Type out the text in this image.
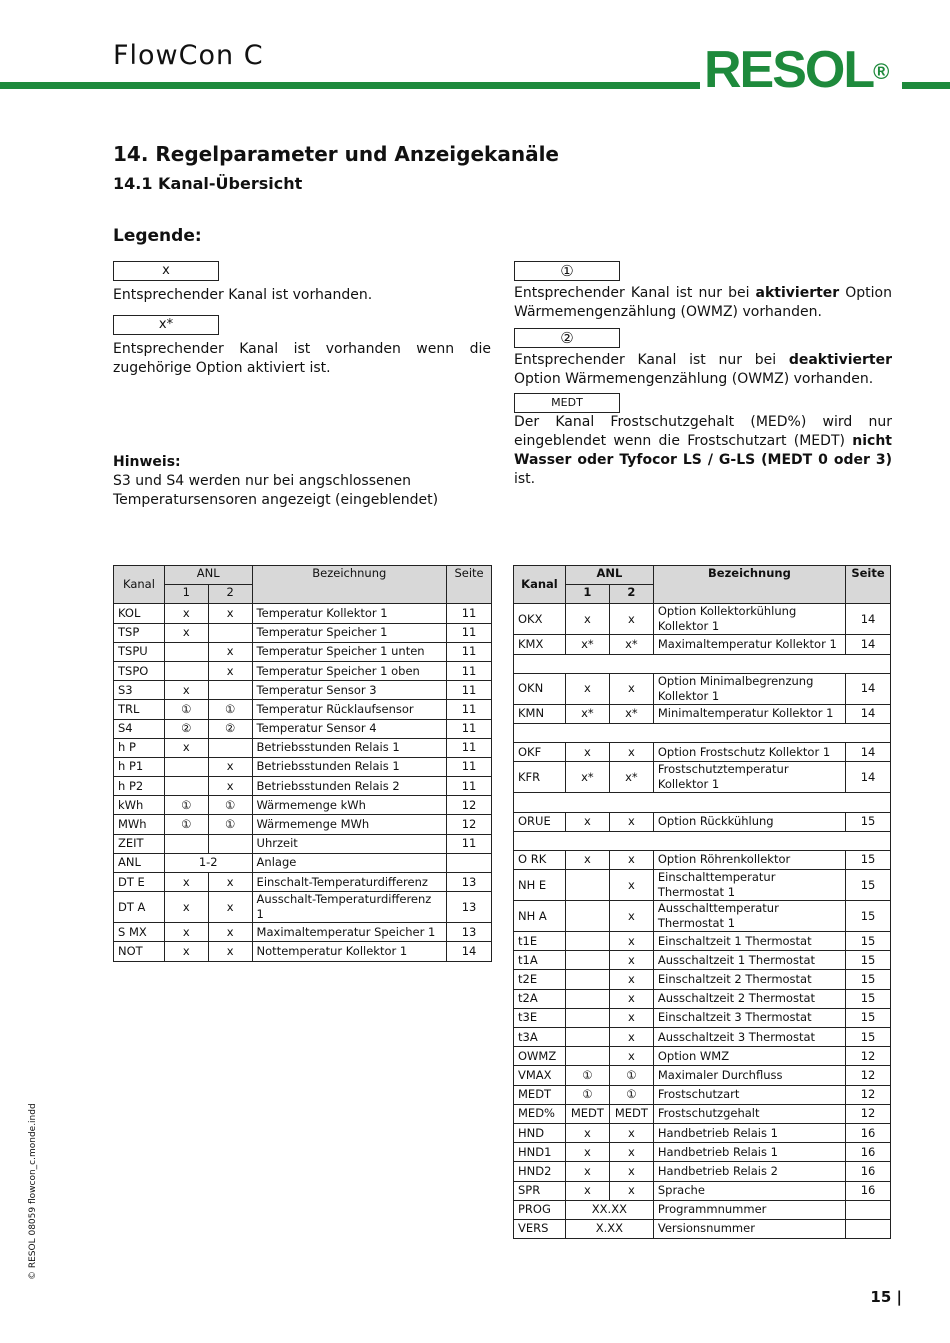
FlowCon C	RESOL®
14. Regelparameter und Anzeigekanäle
14.1 Kanal-Übersicht
Legende:
x
Entsprechender Kanal ist vorhanden.
x*
Entsprechender Kanal ist vorhanden wenn die zugehörige Option aktiviert ist.
Hinweis:
S3 und S4 werden nur bei angschlossenen Temperatursensoren angezeigt (eingeblendet)
①
Entsprechender Kanal ist nur bei aktivierter Option Wärmemengenzählung (OWMZ) vorhanden.
②
Entsprechender Kanal ist nur bei deaktivierter Option Wärmemengenzählung (OWMZ) vorhanden.
MEDT
Der Kanal Frostschutzgehalt (MED%) wird nur eingeblendet wenn die Frostschutzart (MEDT) nicht Wasser oder Tyfocor LS / G-LS (MEDT 0 oder 3) ist.
Kanal	ANL		Bezeichnung	Seite
	1	2		
KOL	x	x	Temperatur Kollektor 1	11
TSP	x		Temperatur Speicher 1	11
TSPU		x	Temperatur Speicher 1 unten	11
TSPO		x	Temperatur Speicher 1 oben	11
S3	x		Temperatur Sensor 3	11
TRL	①	①	Temperatur Rücklaufsensor	11
S4	②	②	Temperatur Sensor 4	11
h P	x		Betriebsstunden Relais 1	11
h P1		x	Betriebsstunden Relais 1	11
h P2		x	Betriebsstunden Relais 2	11
kWh	①	①	Wärmemenge kWh	12
MWh	①	①	Wärmemenge MWh	12
ZEIT			Uhrzeit	11
ANL	1-2		Anlage	
DT E	x	x	Einschalt-Temperaturdifferenz	13
DT A	x	x	Ausschalt-Temperaturdifferenz 1	13
S MX	x	x	Maximaltemperatur Speicher 1	13
NOT	x	x	Nottemperatur Kollektor 1	14
Kanal	ANL		Bezeichnung	Seite
	1	2		
OKX	x	x	Option Kollektorkühlung Kollektor 1	14
KMX	x*	x*	Maximaltemperatur Kollektor 1	14

OKN	x	x	Option Minimalbegrenzung Kollektor 1	14
KMN	x*	x*	Minimaltemperatur Kollektor 1	14

OKF	x	x	Option Frostschutz Kollektor 1	14
KFR	x*	x*	Frostschutztemperatur Kollektor 1	14

ORUE	x	x	Option Rückkühlung	15

O RK	x	x	Option Röhrenkollektor	15
NH E		x	Einschalttemperatur Thermostat 1	15
NH A		x	Ausschalttemperatur Thermostat 1	15
t1E		x	Einschaltzeit 1 Thermostat	15
t1A		x	Ausschaltzeit 1 Thermostat	15
t2E		x	Einschaltzeit 2 Thermostat	15
t2A		x	Ausschaltzeit 2 Thermostat	15
t3E		x	Einschaltzeit 3 Thermostat	15
t3A		x	Ausschaltzeit 3 Thermostat	15
OWMZ		x	Option WMZ	12
VMAX	①	①	Maximaler Durchfluss	12
MEDT	①	①	Frostschutzart	12
MED%	MEDT	MEDT	Frostschutzgehalt	12
HND	x	x	Handbetrieb Relais 1	16
HND1	x	x	Handbetrieb Relais 1	16
HND2	x	x	Handbetrieb Relais 2	16
SPR	x	x	Sprache	16
PROG	XX.XX		Programmnummer	
VERS	X.XX		Versionsnummer	
15 |
© RESOL 08059 flowcon_c.monde.indd
